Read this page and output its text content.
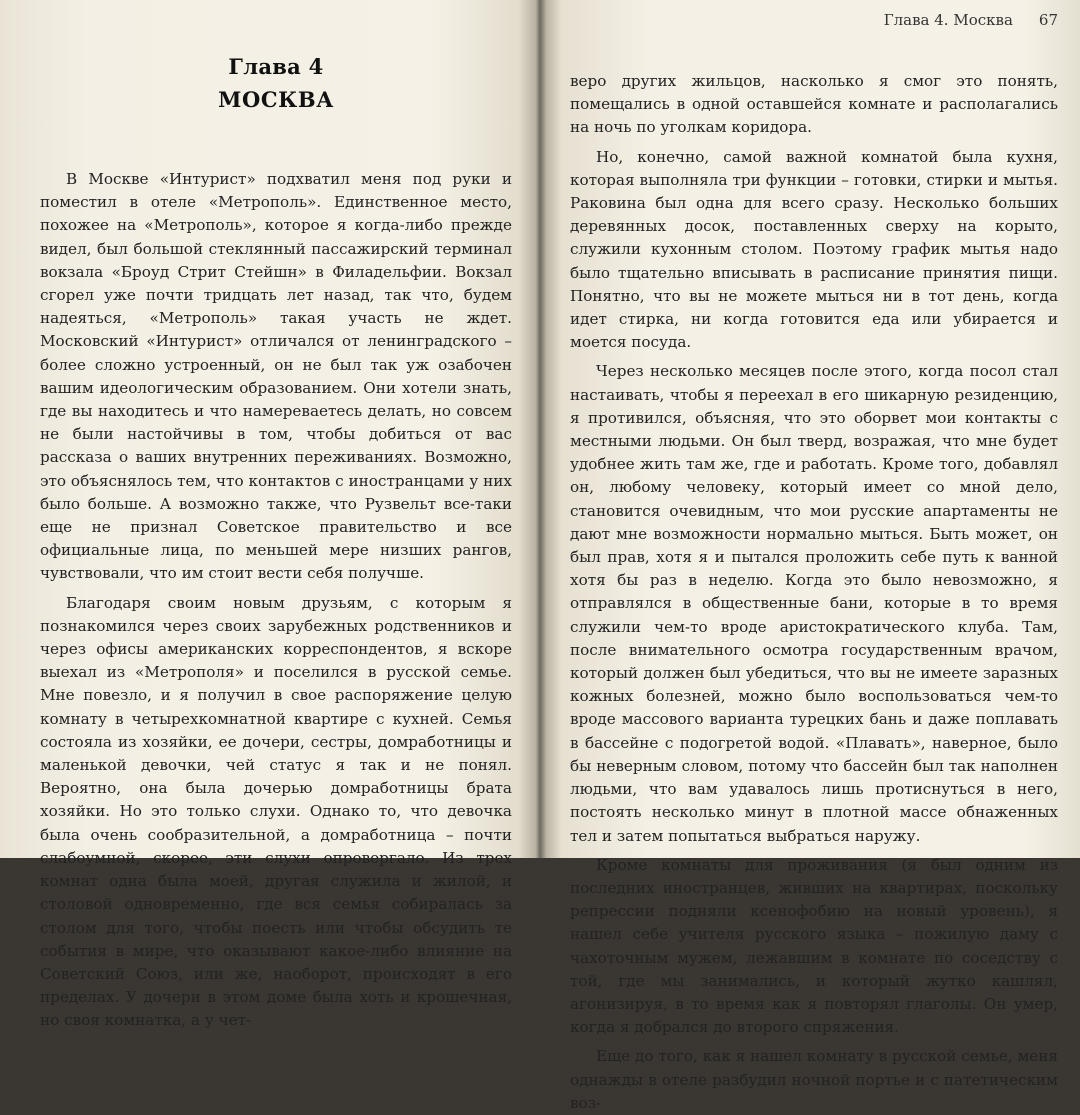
Глава 4
МОСКВА

В Москве «Интурист» подхватил меня под руки и поместил в отеле «Метрополь». Единственное место, похожее на «Метрополь», которое я когда-либо прежде видел, был большой стеклянный пассажирский терминал вокзала «Броуд Стрит Стейшн» в Филадельфии. Вокзал сгорел уже почти тридцать лет назад, так что, будем надеяться, «Метрополь» такая участь не ждет. Московский «Интурист» отличался от ленинградского – более сложно устроенный, он не был так уж озабочен вашим идеологическим образованием. Они хотели знать, где вы находитесь и что намереваетесь делать, но совсем не были настойчивы в том, чтобы добиться от вас рассказа о ваших внутренних переживаниях. Возможно, это объяснялось тем, что контактов с иностранцами у них было больше. А возможно также, что Рузвельт все-таки еще не признал Советское правительство и все официальные лица, по меньшей мере низших рангов, чувствовали, что им стоит вести себя получше.

Благодаря своим новым друзьям, с которым я познакомился через своих зарубежных родственников и через офисы американских корреспондентов, я вскоре выехал из «Метрополя» и поселился в русской семье. Мне повезло, и я получил в свое распоряжение целую комнату в четырехкомнатной квартире с кухней. Семья состояла из хозяйки, ее дочери, сестры, домработницы и маленькой девочки, чей статус я так и не понял. Вероятно, она была дочерью домработницы брата хозяйки. Но это только слухи. Однако то, что девочка была очень сообразительной, а домработница – почти слабоумной, скорее, эти слухи опровергало. Из трех комнат одна была моей, другая служила и жилой, и столовой одновременно, где вся семья собиралась за столом для того, чтобы поесть или чтобы обсудить те события в мире, что оказывают какое-либо влияние на Советский Союз, или же, наоборот, происходят в его пределах. У дочери в этом доме была хоть и крошечная, но своя комнатка, а у чет-

Глава 4. Москва 67

веро других жильцов, насколько я смог это понять, помещались в одной оставшейся комнате и располагались на ночь по уголкам коридора.

Но, конечно, самой важной комнатой была кухня, которая выполняла три функции – готовки, стирки и мытья. Раковина был одна для всего сразу. Несколько больших деревянных досок, поставленных сверху на корыто, служили кухонным столом. Поэтому график мытья надо было тщательно вписывать в расписание принятия пищи. Понятно, что вы не можете мыться ни в тот день, когда идет стирка, ни когда готовится еда или убирается и моется посуда.

Через несколько месяцев после этого, когда посол стал настаивать, чтобы я переехал в его шикарную резиденцию, я противился, объясняя, что это оборвет мои контакты с местными людьми. Он был тверд, возражая, что мне будет удобнее жить там же, где и работать. Кроме того, добавлял он, любому человеку, который имеет со мной дело, становится очевидным, что мои русские апартаменты не дают мне возможности нормально мыться. Быть может, он был прав, хотя я и пытался проложить себе путь к ванной хотя бы раз в неделю. Когда это было невозможно, я отправлялся в общественные бани, которые в то время служили чем-то вроде аристократического клуба. Там, после внимательного осмотра государственным врачом, который должен был убедиться, что вы не имеете заразных кожных болезней, можно было воспользоваться чем-то вроде массового варианта турецких бань и даже поплавать в бассейне с подогретой водой. «Плавать», наверное, было бы неверным словом, потому что бассейн был так наполнен людьми, что вам удавалось лишь протиснуться в него, постоять несколько минут в плотной массе обнаженных тел и затем попытаться выбраться наружу.

Кроме комнаты для проживания (я был одним из последних иностранцев, живших на квартирах, поскольку репрессии подняли ксенофобию на новый уровень), я нашел себе учителя русского языка – пожилую даму с чахоточным мужем, лежавшим в комнате по соседству с той, где мы занимались, и который жутко кашлял, агонизируя, в то время как я повторял глаголы. Он умер, когда я добрался до второго спряжения.

Еще до того, как я нашел комнату в русской семье, меня однажды в отеле разбудил ночной портье и с патетическим воз-
